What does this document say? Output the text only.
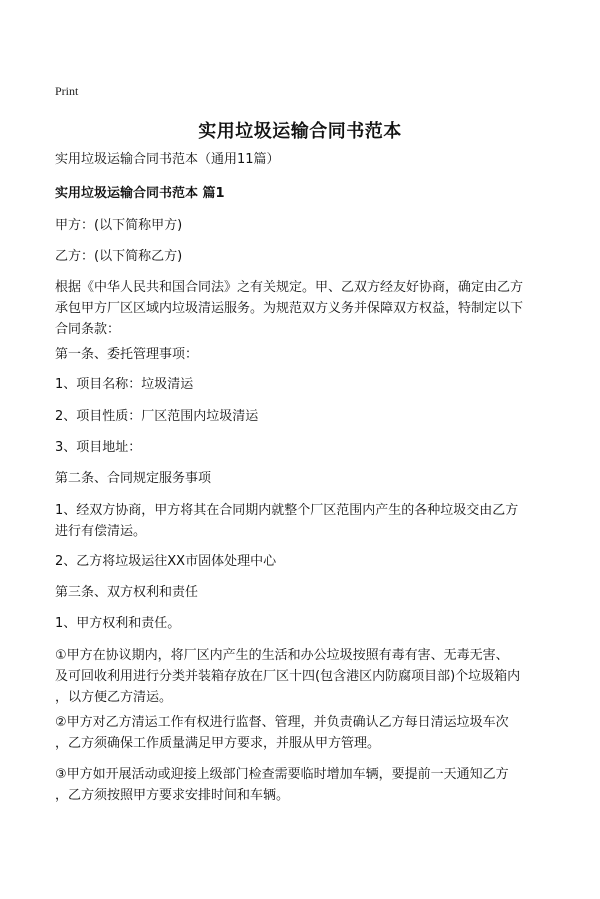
Print
实用垃圾运输合同书范本
实用垃圾运输合同书范本（通用11篇）
实用垃圾运输合同书范本 篇1
甲方：(以下简称甲方)
乙方：(以下简称乙方)
根据《中华人民共和国合同法》之有关规定。甲、乙双方经友好协商，确定由乙方
承包甲方厂区区域内垃圾清运服务。为规范双方义务并保障双方权益，特制定以下
合同条款：
第一条、委托管理事项：
1、项目名称：垃圾清运
2、项目性质：厂区范围内垃圾清运
3、项目地址：
第二条、合同规定服务事项
1、经双方协商，甲方将其在合同期内就整个厂区范围内产生的各种垃圾交由乙方
进行有偿清运。
2、乙方将垃圾运往XX市固体处理中心
第三条、双方权利和责任
1、甲方权利和责任。
①甲方在协议期内，将厂区内产生的生活和办公垃圾按照有毒有害、无毒无害、
及可回收利用进行分类并装箱存放在厂区十四(包含港区内防腐项目部)个垃圾箱内
，以方便乙方清运。
②甲方对乙方清运工作有权进行监督、管理，并负责确认乙方每日清运垃圾车次
，乙方须确保工作质量满足甲方要求，并服从甲方管理。
③甲方如开展活动或迎接上级部门检查需要临时增加车辆，要提前一天通知乙方
，乙方须按照甲方要求安排时间和车辆。
